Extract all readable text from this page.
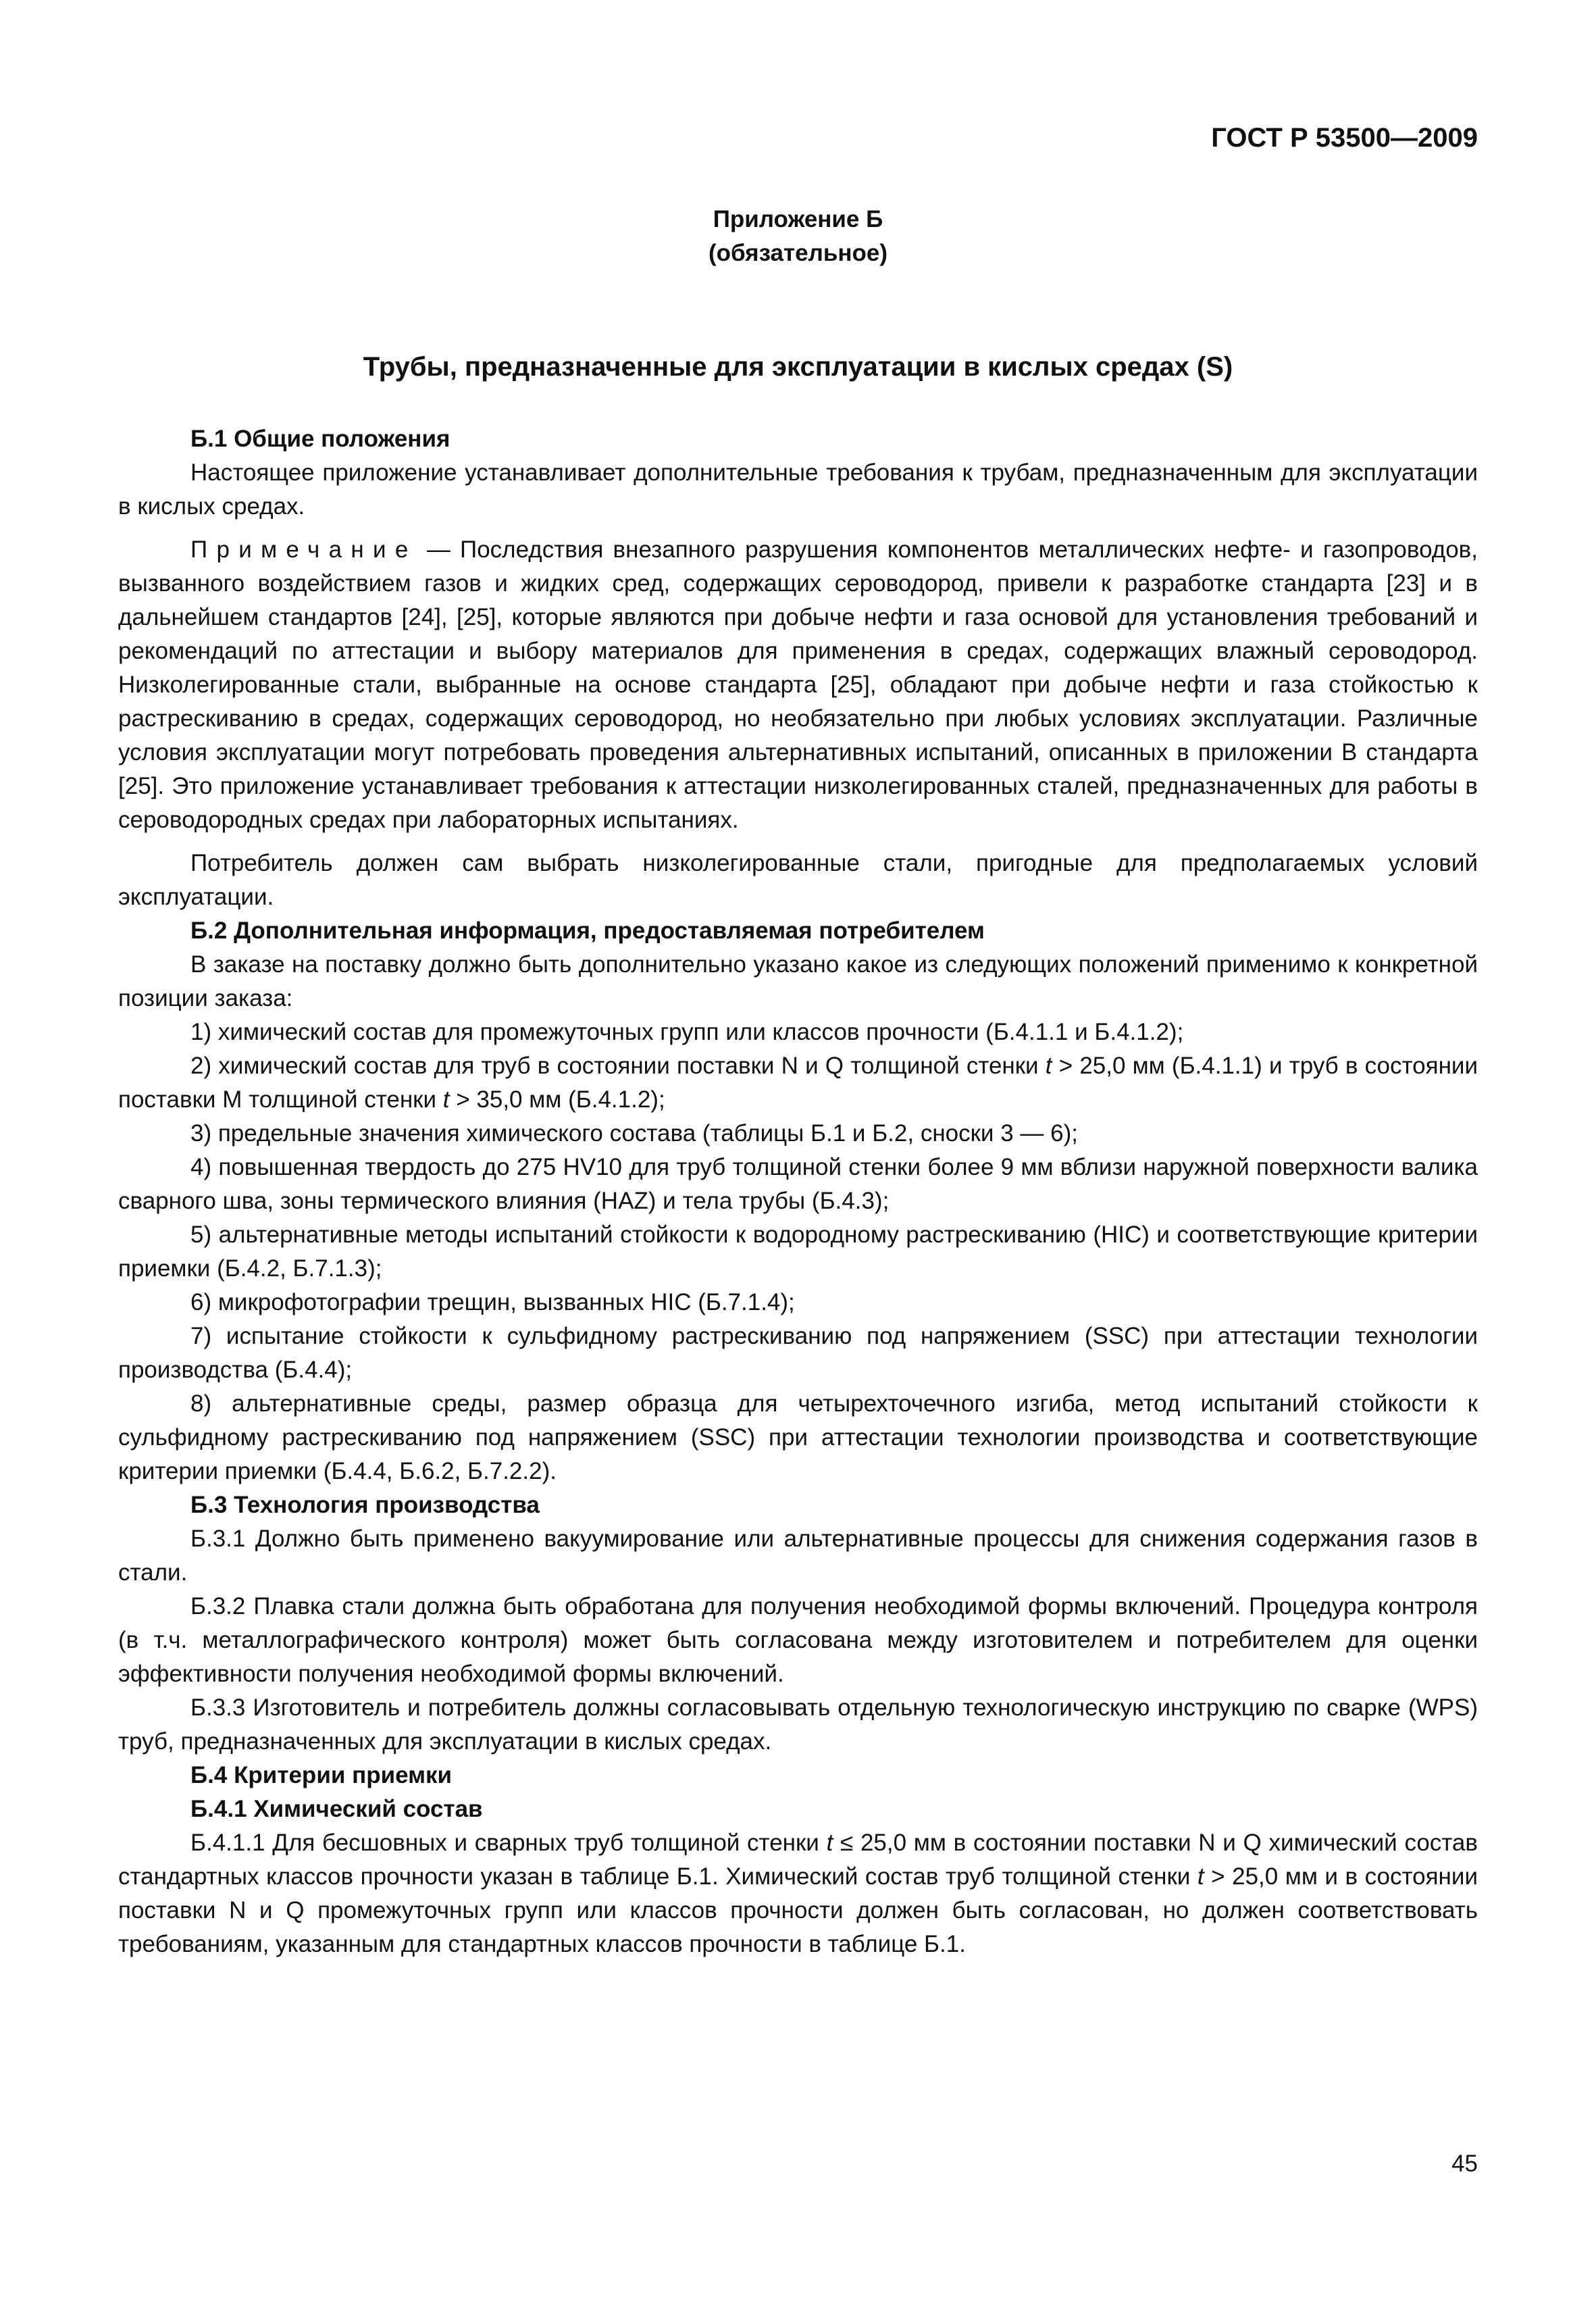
ГОСТ Р 53500—2009
Приложение Б
(обязательное)
Трубы, предназначенные для эксплуатации в кислых средах (S)

Б.1 Общие положения

Настоящее приложение устанавливает дополнительные требования к трубам, предназначенным для эксплуатации в кислых средах.

Примечание — Последствия внезапного разрушения компонентов металлических нефте- и газопроводов, вызванного воздействием газов и жидких сред, содержащих сероводород, привели к разработке стандарта [23] и в дальнейшем стандартов [24], [25], которые являются при добыче нефти и газа основой для установления требований и рекомендаций по аттестации и выбору материалов для применения в средах, содержащих влажный сероводород. Низколегированные стали, выбранные на основе стандарта [25], обладают при добыче нефти и газа стойкостью к растрескиванию в средах, содержащих сероводород, но необязательно при любых условиях эксплуатации. Различные условия эксплуатации могут потребовать проведения альтернативных испытаний, описанных в приложении В стандарта [25]. Это приложение устанавливает требования к аттестации низколегированных сталей, предназначенных для работы в сероводородных средах при лабораторных испытаниях.

Потребитель должен сам выбрать низколегированные стали, пригодные для предполагаемых условий эксплуатации.

Б.2 Дополнительная информация, предоставляемая потребителем

В заказе на поставку должно быть дополнительно указано какое из следующих положений применимо к конкретной позиции заказа:

1) химический состав для промежуточных групп или классов прочности (Б.4.1.1 и Б.4.1.2);

2) химический состав для труб в состоянии поставки N и Q толщиной стенки t > 25,0 мм (Б.4.1.1) и труб в состоянии поставки M толщиной стенки t > 35,0 мм (Б.4.1.2);

3) предельные значения химического состава (таблицы Б.1 и Б.2, сноски 3 — 6);

4) повышенная твердость до 275 HV10 для труб толщиной стенки более 9 мм вблизи наружной поверхности валика сварного шва, зоны термического влияния (HAZ) и тела трубы (Б.4.3);

5) альтернативные методы испытаний стойкости к водородному растрескиванию (HIC) и соответствующие критерии приемки (Б.4.2, Б.7.1.3);

6) микрофотографии трещин, вызванных HIC (Б.7.1.4);

7) испытание стойкости к сульфидному растрескиванию под напряжением (SSC) при аттестации технологии производства (Б.4.4);

8) альтернативные среды, размер образца для четырехточечного изгиба, метод испытаний стойкости к сульфидному растрескиванию под напряжением (SSC) при аттестации технологии производства и соответствующие критерии приемки (Б.4.4, Б.6.2, Б.7.2.2).

Б.3 Технология производства

Б.3.1 Должно быть применено вакуумирование или альтернативные процессы для снижения содержания газов в стали.

Б.3.2 Плавка стали должна быть обработана для получения необходимой формы включений. Процедура контроля (в т.ч. металлографического контроля) может быть согласована между изготовителем и потребителем для оценки эффективности получения необходимой формы включений.

Б.3.3 Изготовитель и потребитель должны согласовывать отдельную технологическую инструкцию по сварке (WPS) труб, предназначенных для эксплуатации в кислых средах.

Б.4 Критерии приемки

Б.4.1 Химический состав

Б.4.1.1 Для бесшовных и сварных труб толщиной стенки t ≤ 25,0 мм в состоянии поставки N и Q химический состав стандартных классов прочности указан в таблице Б.1. Химический состав труб толщиной стенки t > 25,0 мм и в состоянии поставки N и Q промежуточных групп или классов прочности должен быть согласован, но должен соответствовать требованиям, указанным для стандартных классов прочности в таблице Б.1.

45
